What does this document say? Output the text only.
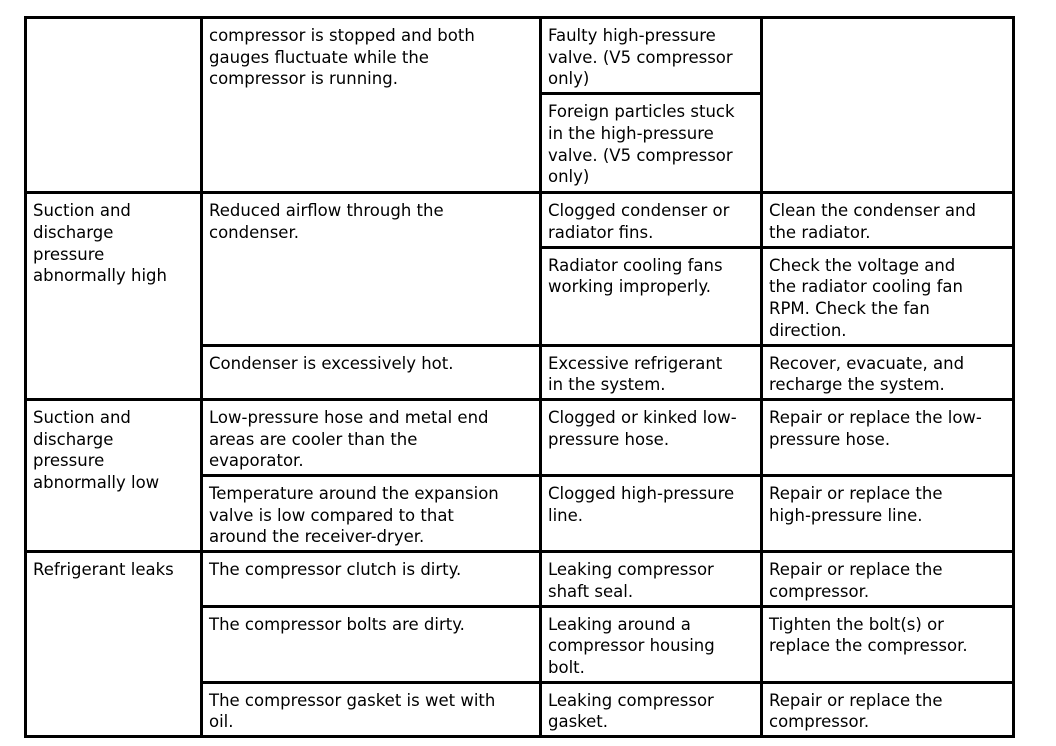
	compressor is stopped and both
gauges fluctuate while the
compressor is running.	Faulty high-pressure
valve. (V5 compressor
only)	
		Foreign particles stuck
in the high-pressure
valve. (V5 compressor
only)	
Suction and
discharge
pressure
abnormally high	Reduced airflow through the
condenser.	Clogged condenser or
radiator fins.	Clean the condenser and
the radiator.
		Radiator cooling fans
working improperly.	Check the voltage and
the radiator cooling fan
RPM. Check the fan
direction.
	Condenser is excessively hot.	Excessive refrigerant
in the system.	Recover, evacuate, and
recharge the system.
Suction and
discharge
pressure
abnormally low	Low-pressure hose and metal end
areas are cooler than the
evaporator.	Clogged or kinked low-
pressure hose.	Repair or replace the low-
pressure hose.
	Temperature around the expansion
valve is low compared to that
around the receiver-dryer.	Clogged high-pressure
line.	Repair or replace the
high-pressure line.
Refrigerant leaks	The compressor clutch is dirty.	Leaking compressor
shaft seal.	Repair or replace the
compressor.
	The compressor bolts are dirty.	Leaking around a
compressor housing
bolt.	Tighten the bolt(s) or
replace the compressor.
	The compressor gasket is wet with
oil.	Leaking compressor
gasket.	Repair or replace the
compressor.
